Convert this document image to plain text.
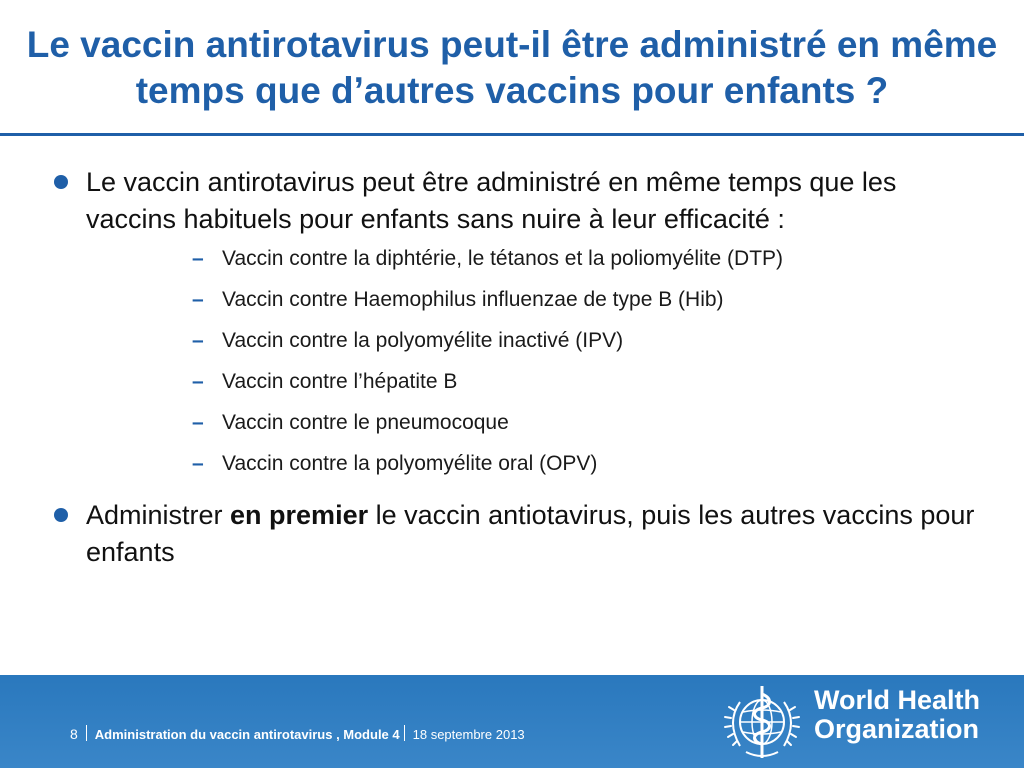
Le vaccin antirotavirus peut-il être administré en même temps que d’autres vaccins pour enfants ?
Le vaccin antirotavirus peut être administré en même temps que les vaccins habituels pour enfants sans nuire à leur efficacité :
– Vaccin contre la diphtérie, le tétanos et la poliomyélite (DTP)
– Vaccin contre Haemophilus influenzae de type B (Hib)
– Vaccin contre la polyomyélite inactivé (IPV)
– Vaccin contre l’hépatite B
– Vaccin contre le pneumocoque
– Vaccin contre la polyomyélite oral (OPV)
Administrer en premier le vaccin antiotavirus, puis les autres vaccins pour enfants
8 Administration du vaccin antirotavirus , Module 4 18 septembre 2013
World Health
Organization
